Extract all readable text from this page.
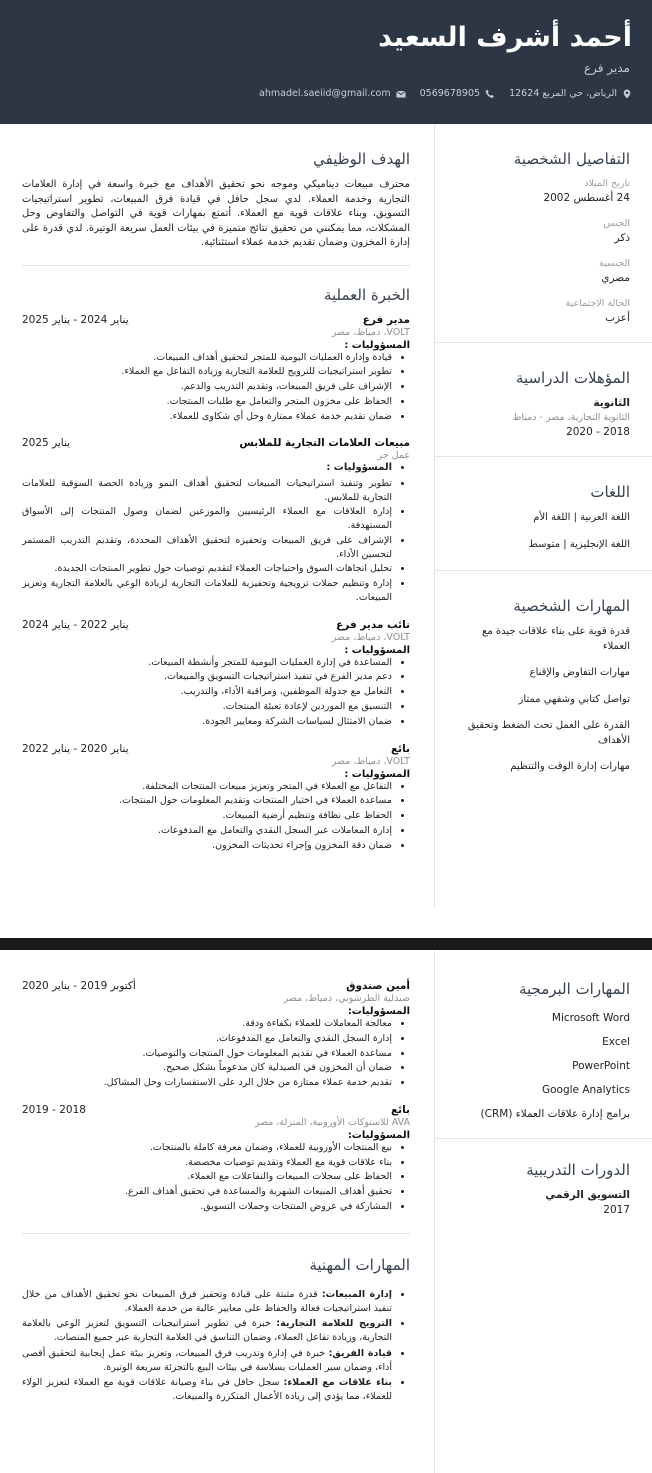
أحمد أشرف السعيد
مدير فرع
الرياض، حي المربع 12624
0569678905
ahmadel.saeiid@gmail.com
التفاصيل الشخصية
تاريخ الميلاد
24 أغسطس 2002
الجنس
ذكر
الجنسية
مصري
الحالة الاجتماعية
أعزب
المؤهلات الدراسية
الثانوية
الثانوية التجارية، مصر - دمياط
2018 - 2020
اللغات
اللغة العربية | اللغة الأم
اللغة الإنجليزية | متوسط
المهارات الشخصية
قدرة قوية على بناء علاقات جيدة مع العملاء
مهارات التفاوض والإقناع
تواصل كتابي وشفهي ممتاز
القدرة على العمل تحت الضغط وتحقيق الأهداف
مهارات إدارة الوقت والتنظيم
الهدف الوظيفي
محترف مبيعات ديناميكي وموجه نحو تحقيق الأهداف مع خبرة واسعة في إدارة العلامات التجارية وخدمة العملاء. لدي سجل حافل في قيادة فرق المبيعات، تطوير استراتيجيات التسويق، وبناء علاقات قوية مع العملاء. أتمتع بمهارات قوية في التواصل والتفاوض وحل المشكلات، مما يمكنني من تحقيق نتائج متميزة في بيئات العمل سريعة الوتيرة. لدي قدرة على إدارة المخزون وضمان تقديم خدمة عملاء استثنائية.
الخبرة العملية
مدير فرع
يناير 2024 - يناير 2025
VOLT، دمياط، مصر
المسؤوليات :
• قيادة وإدارة العمليات اليومية للمتجر لتحقيق أهداف المبيعات.
• تطوير استراتيجيات للترويج للعلامة التجارية وزيادة التفاعل مع العملاء.
• الإشراف على فريق المبيعات، وتقديم التدريب والدعم.
• الحفاظ على مخزون المتجر والتعامل مع طلبات المنتجات.
• ضمان تقديم خدمة عملاء ممتازة وحل أي شكاوى للعملاء.
مبيعات العلامات التجارية للملابس
يناير 2025
عمل حر
• المسؤوليات :
• تطوير وتنفيذ استراتيجيات المبيعات لتحقيق أهداف النمو وزيادة الحصة السوقية للعلامات التجارية للملابس.
• إدارة العلاقات مع العملاء الرئيسيين والموزعين لضمان وصول المنتجات إلى الأسواق المستهدفة.
• الإشراف على فريق المبيعات وتحفيزه لتحقيق الأهداف المحددة، وتقديم التدريب المستمر لتحسين الأداء.
• تحليل اتجاهات السوق واحتياجات العملاء لتقديم توصيات حول تطوير المنتجات الجديدة.
• إدارة وتنظيم حملات ترويجية وتحفيزية للعلامات التجارية لزيادة الوعي بالعلامة التجارية وتعزيز المبيعات.
نائب مدير فرع
يناير 2022 - يناير 2024
VOLT، دمياط، مصر
المسؤوليات :
• المساعدة في إدارة العمليات اليومية للمتجر وأنشطة المبيعات.
• دعم مدير الفرع في تنفيذ استراتيجيات التسويق والمبيعات.
• التعامل مع جدولة الموظفين، ومراقبة الأداء، والتدريب.
• التنسيق مع الموردين لإعادة تعبئة المنتجات.
• ضمان الامتثال لسياسات الشركة ومعايير الجودة.
بائع
يناير 2020 - يناير 2022
VOLT، دمياط، مصر
المسؤوليات :
• التفاعل مع العملاء في المتجر وتعزيز مبيعات المنتجات المختلفة.
• مساعدة العملاء في اختيار المنتجات وتقديم المعلومات حول المنتجات.
• الحفاظ على نظافة وتنظيم أرضية المبيعات.
• إدارة المعاملات عبر السجل النقدي والتعامل مع المدفوعات.
• ضمان دقة المخزون وإجراء تحديثات المخزون.
المهارات البرمجية
Microsoft Word
Excel
PowerPoint
Google Analytics
برامج إدارة علاقات العملاء (CRM)
الدورات التدريبية
التسويق الرقمي
2017
أمين صندوق
أكتوبر 2019 - يناير 2020
صيدلية الطرشوبي، دمياط، مصر
المسؤوليات:
• معالجة المعاملات للعملاء بكفاءة ودقة.
• إدارة السجل النقدي والتعامل مع المدفوعات.
• مساعدة العملاء في تقديم المعلومات حول المنتجات والتوصيات.
• ضمان أن المخزون في الصيدلية كان مدعوماً بشكل صحيح.
• تقديم خدمة عملاء ممتازة من خلال الرد على الاستفسارات وحل المشاكل.
بائع
2018 - 2019
AVA للاستوكات الأوروبية، المنزلة، مصر
المسؤوليات:
• بيع المنتجات الأوروبية للعملاء، وضمان معرفة كاملة بالمنتجات.
• بناء علاقات قوية مع العملاء وتقديم توصيات مخصصة.
• الحفاظ على سجلات المبيعات والتفاعلات مع العملاء.
• تحقيق أهداف المبيعات الشهرية والمساعدة في تحقيق أهداف الفرع.
• المشاركة في عروض المنتجات وحملات التسويق.
المهارات المهنية
• إدارة المبيعات: قدرة مثبتة على قيادة وتحفيز فرق المبيعات نحو تحقيق الأهداف من خلال تنفيذ استراتيجيات فعالة والحفاظ على معايير عالية من خدمة العملاء.
• الترويج للعلامة التجارية: خبرة في تطوير استراتيجيات التسويق لتعزيز الوعي بالعلامة التجارية، وزيادة تفاعل العملاء، وضمان التناسق في العلامة التجارية عبر جميع المنصات.
• قيادة الفريق: خبرة في إدارة وتدريب فرق المبيعات، وتعزيز بيئة عمل إيجابية لتحقيق أقصى أداء، وضمان سير العمليات بسلاسة في بيئات البيع بالتجزئة سريعة الوتيرة.
• بناء علاقات مع العملاء: سجل حافل في بناء وصيانة علاقات قوية مع العملاء لتعزيز الولاء للعملاء، مما يؤدي إلى زيادة الأعمال المتكررة والمبيعات.
